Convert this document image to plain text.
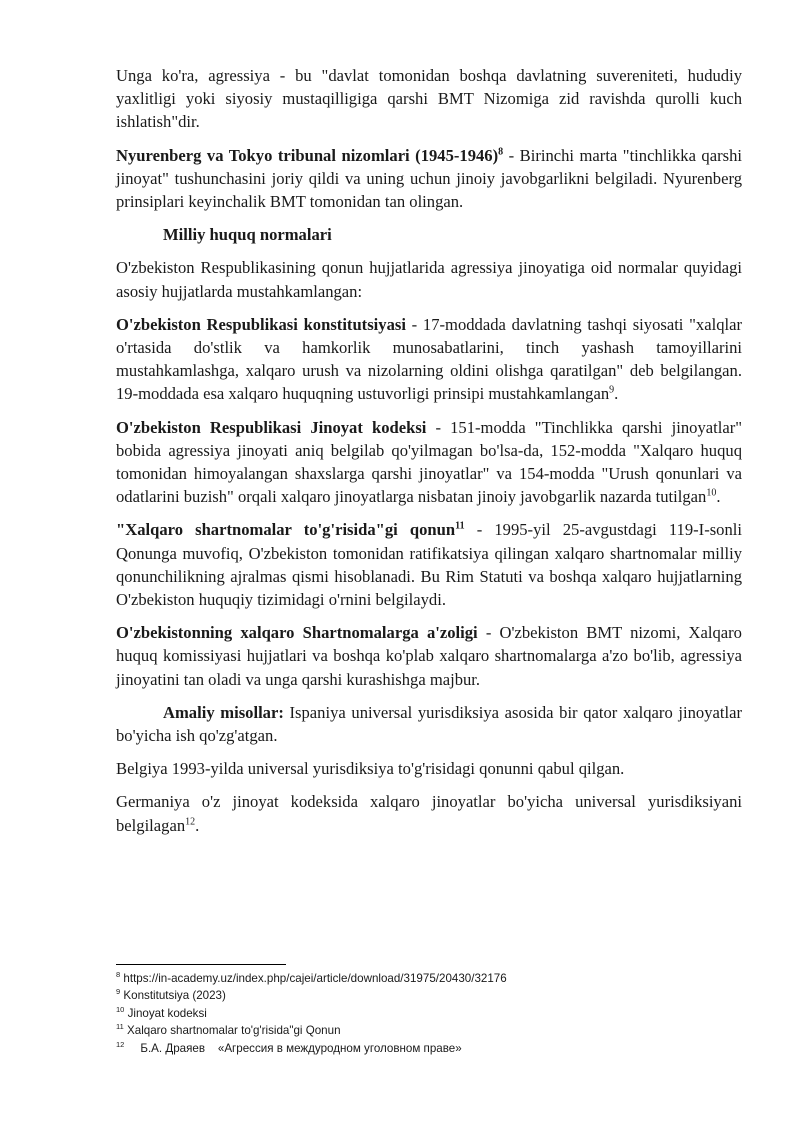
Unga ko'ra, agressiya - bu "davlat tomonidan boshqa davlatning suvereniteti, hududiy yaxlitligi yoki siyosiy mustaqilligiga qarshi BMT Nizomiga zid ravishda qurolli kuch ishlatish"dir.

Nyurenberg va Tokyo tribunal nizomlari (1945-1946)$^8$ - Birinchi marta "tinchlikka qarshi jinoyat" tushunchasini joriy qildi va uning uchun jinoiy javobgarlikni belgiladi. Nyurenberg prinsiplari keyinchalik BMT tomonidan tan olingan.

Milliy huquq normalari

O'zbekiston Respublikasining qonun hujjatlarida agressiya jinoyatiga oid normalar quyidagi asosiy hujjatlarda mustahkamlangan:

O'zbekiston Respublikasi konstitutsiyasi - 17-moddada davlatning tashqi siyosati "xalqlar o'rtasida do'stlik va hamkorlik munosabatlarini, tinch yashash tamoyillarini mustahkamlashga, xalqaro urush va nizolarning oldini olishga qaratilgan" deb belgilangan. 19-moddada esa xalqaro huquqning ustuvorligi prinsipi mustahkamlangan$^9$.

O'zbekiston Respublikasi Jinoyat kodeksi - 151-modda "Tinchlikka qarshi jinoyatlar" bobida agressiya jinoyati aniq belgilab qo'yilmagan bo'lsa-da, 152-modda "Xalqaro huquq tomonidan himoyalangan shaxslarga qarshi jinoyatlar" va 154-modda "Urush qonunlari va odatlarini buzish" orqali xalqaro jinoyatlarga nisbatan jinoiy javobgarlik nazarda tutilgan$^{10}$.

"Xalqaro shartnomalar to'g'risida"gi qonun$^{11}$ - 1995-yil 25-avgustdagi 119-I-sonli Qonunga muvofiq, O'zbekiston tomonidan ratifikatsiya qilingan xalqaro shartnomalar milliy qonunchilikning ajralmas qismi hisoblanadi. Bu Rim Statuti va boshqa xalqaro hujjatlarning O'zbekiston huquqiy tizimidagi o'rnini belgilaydi.

O'zbekistonning xalqaro Shartnomalarga a'zoligi - O'zbekiston BMT nizomi, Xalqaro huquq komissiyasi hujjatlari va boshqa ko'plab xalqaro shartnomalarga a'zo bo'lib, agressiya jinoyatini tan oladi va unga qarshi kurashishga majbur.

Amaliy misollar: Ispaniya universal yurisdiksiya asosida bir qator xalqaro jinoyatlar bo'yicha ish qo'zg'atgan.

Belgiya 1993-yilda universal yurisdiksiya to'g'risidagi qonunni qabul qilgan.

Germaniya o'z jinoyat kodeksida xalqaro jinoyatlar bo'yicha universal yurisdiksiyani belgilagan$^{12}$.

$^8$ https://in-academy.uz/index.php/cajei/article/download/31975/20430/32176

$^9$ Konstitutsiya (2023)

$^{10}$ Jinoyat kodeksi

$^{11}$ Xalqaro shartnomalar to'g'risida"gi Qonun

$^{12}$ Б.А. Драяев    «Агрессия в междуродном уголовном праве»
